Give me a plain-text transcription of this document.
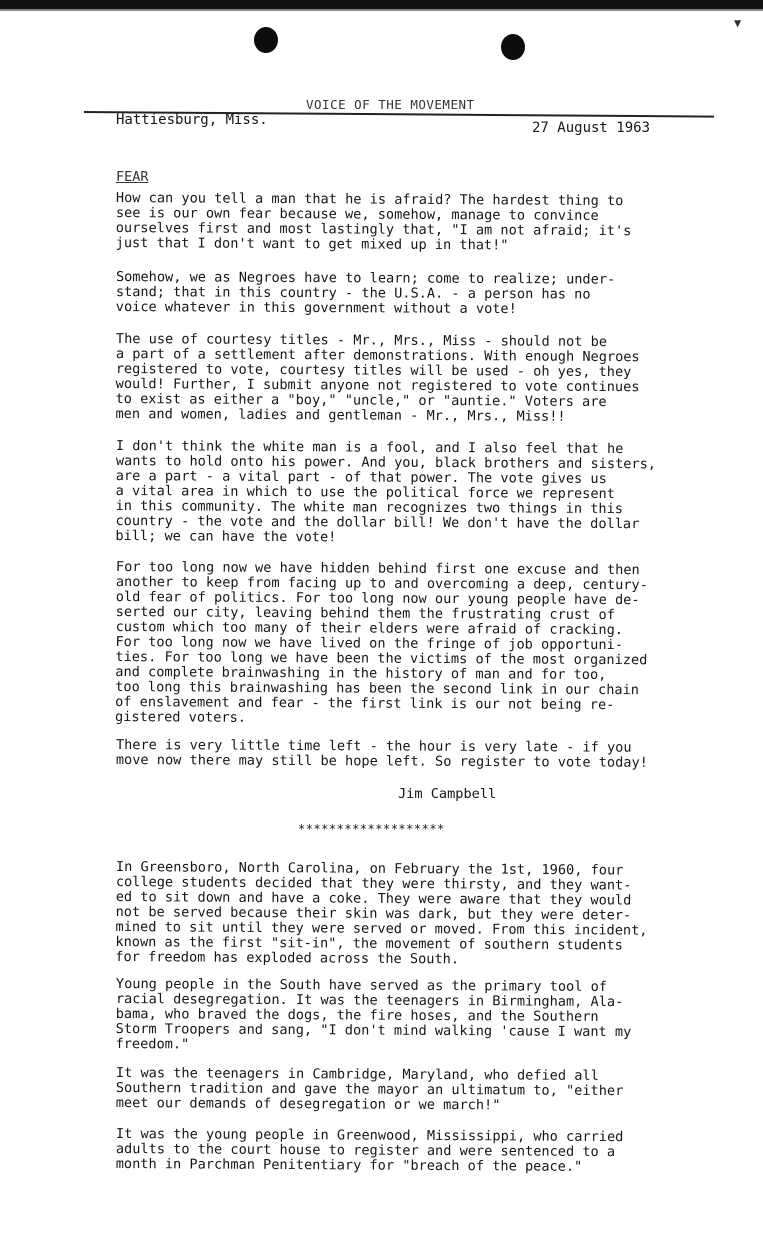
▼
VOICE OF THE MOVEMENT
Hattiesburg, Miss.	27 August 1963
FEAR

How can you tell a man that he is afraid? The hardest thing to
see is our own fear because we, somehow, manage to convince
ourselves first and most lastingly that, "I am not afraid; it's
just that I don't want to get mixed up in that!"

Somehow, we as Negroes have to learn; come to realize; under-
stand; that in this country - the U.S.A. - a person has no
voice whatever in this government without a vote!

The use of courtesy titles - Mr., Mrs., Miss - should not be
a part of a settlement after demonstrations. With enough Negroes
registered to vote, courtesy titles will be used - oh yes, they
would! Further, I submit anyone not registered to vote continues
to exist as either a "boy," "uncle," or "auntie." Voters are
men and women, ladies and gentleman - Mr., Mrs., Miss!!

I don't think the white man is a fool, and I also feel that he
wants to hold onto his power. And you, black brothers and sisters,
are a part - a vital part - of that power. The vote gives us
a vital area in which to use the political force we represent
in this community. The white man recognizes two things in this
country - the vote and the dollar bill! We don't have the dollar
bill; we can have the vote!

For too long now we have hidden behind first one excuse and then
another to keep from facing up to and overcoming a deep, century-
old fear of politics. For too long now our young people have de-
serted our city, leaving behind them the frustrating crust of
custom which too many of their elders were afraid of cracking.
For too long now we have lived on the fringe of job opportuni-
ties. For too long we have been the victims of the most organized
and complete brainwashing in the history of man and for too,
too long this brainwashing has been the second link in our chain
of enslavement and fear - the first link is our not being re-
gistered voters.

There is very little time left - the hour is very late - if you
move now there may still be hope left. So register to vote today!

Jim Campbell
*******************

In Greensboro, North Carolina, on February the 1st, 1960, four
college students decided that they were thirsty, and they want-
ed to sit down and have a coke. They were aware that they would
not be served because their skin was dark, but they were deter-
mined to sit until they were served or moved. From this incident,
known as the first "sit-in", the movement of southern students
for freedom has exploded across the South.

Young people in the South have served as the primary tool of
racial desegregation. It was the teenagers in Birmingham, Ala-
bama, who braved the dogs, the fire hoses, and the Southern
Storm Troopers and sang, "I don't mind walking 'cause I want my
freedom."

It was the teenagers in Cambridge, Maryland, who defied all
Southern tradition and gave the mayor an ultimatum to, "either
meet our demands of desegregation or we march!"

It was the young people in Greenwood, Mississippi, who carried
adults to the court house to register and were sentenced to a
month in Parchman Penitentiary for "breach of the peace."
